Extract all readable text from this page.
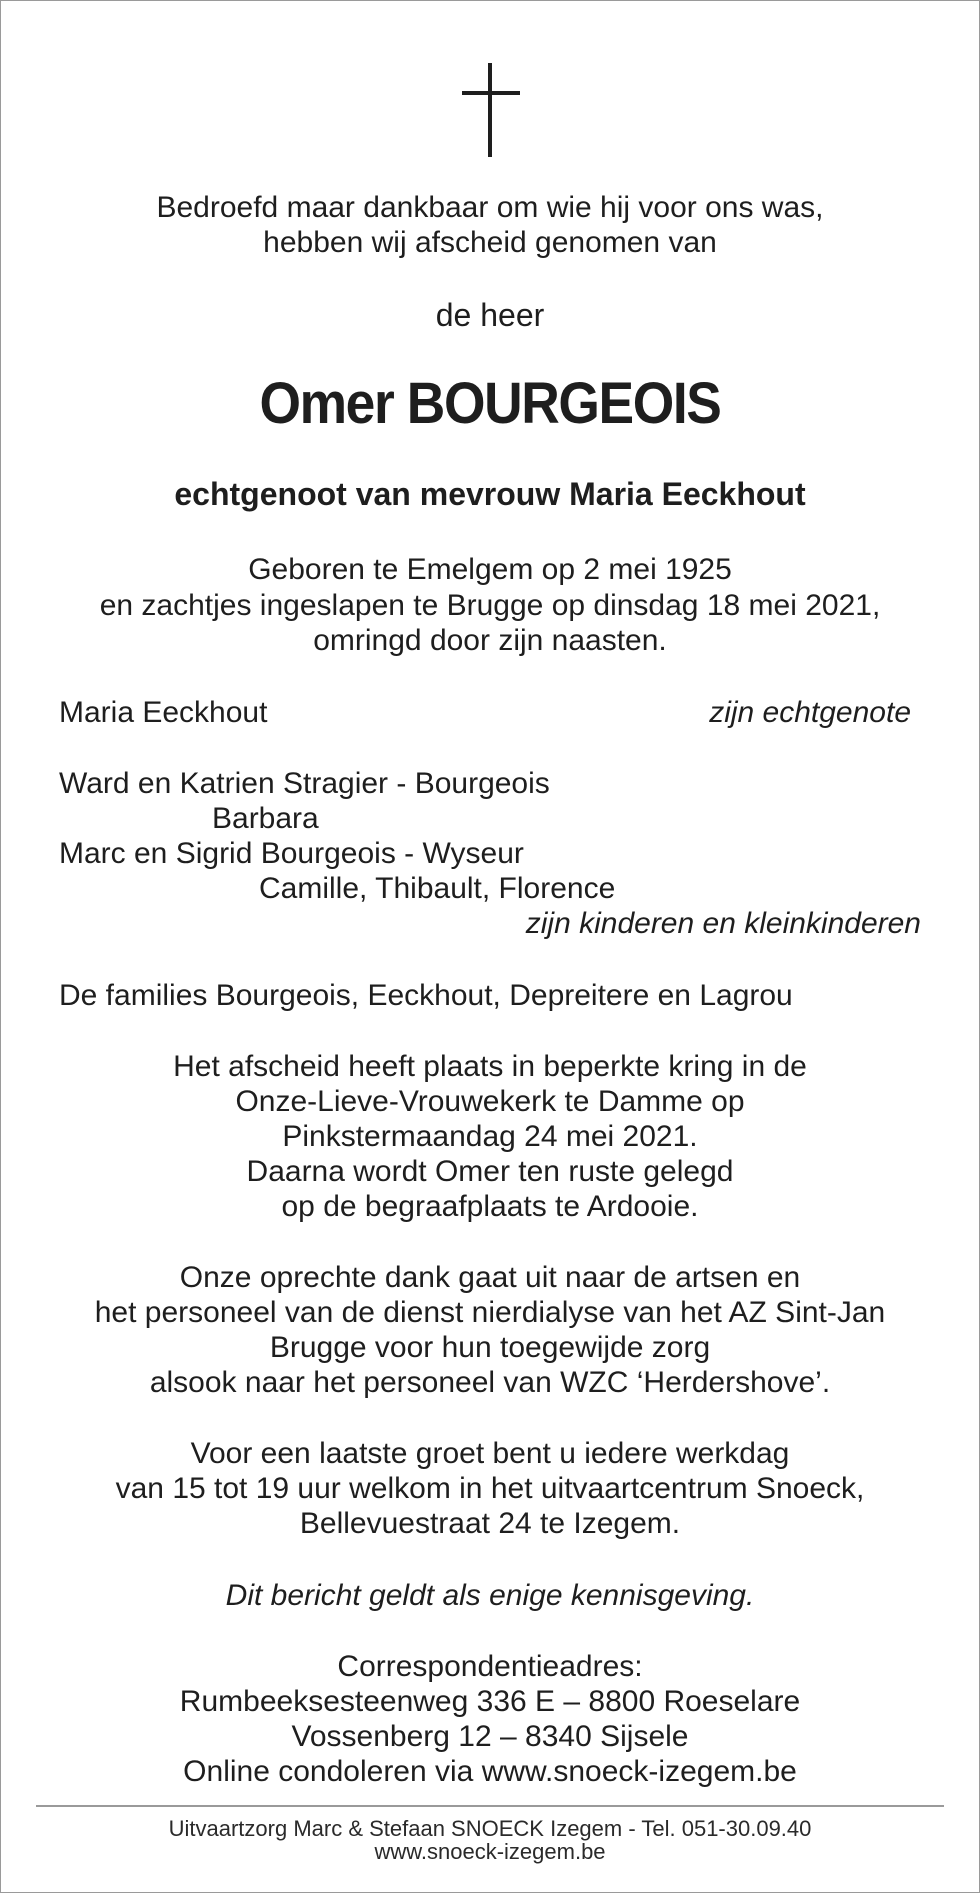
Bedroefd maar dankbaar om wie hij voor ons was,
hebben wij afscheid genomen van
de heer
Omer BOURGEOIS
echtgenoot van mevrouw Maria Eeckhout
Geboren te Emelgem op 2 mei 1925
en zachtjes ingeslapen te Brugge op dinsdag 18 mei 2021,
omringd door zijn naasten.
Maria Eeckhout	zijn echtgenote
Ward en Katrien Stragier - Bourgeois
Barbara
Marc en Sigrid Bourgeois - Wyseur
Camille, Thibault, Florence
zijn kinderen en kleinkinderen
De families Bourgeois, Eeckhout, Depreitere en Lagrou
Het afscheid heeft plaats in beperkte kring in de
Onze-Lieve-Vrouwekerk te Damme op
Pinkstermaandag 24 mei 2021.
Daarna wordt Omer ten ruste gelegd
op de begraafplaats te Ardooie.
Onze oprechte dank gaat uit naar de artsen en
het personeel van de dienst nierdialyse van het AZ Sint-Jan
Brugge voor hun toegewijde zorg
alsook naar het personeel van WZC ‘Herdershove’.
Voor een laatste groet bent u iedere werkdag
van 15 tot 19 uur welkom in het uitvaartcentrum Snoeck,
Bellevuestraat 24 te Izegem.
Dit bericht geldt als enige kennisgeving.
Correspondentieadres:
Rumbeeksesteenweg 336 E – 8800 Roeselare
Vossenberg 12 – 8340 Sijsele
Online condoleren via www.snoeck-izegem.be
Uitvaartzorg Marc & Stefaan SNOECK Izegem - Tel. 051-30.09.40
www.snoeck-izegem.be
